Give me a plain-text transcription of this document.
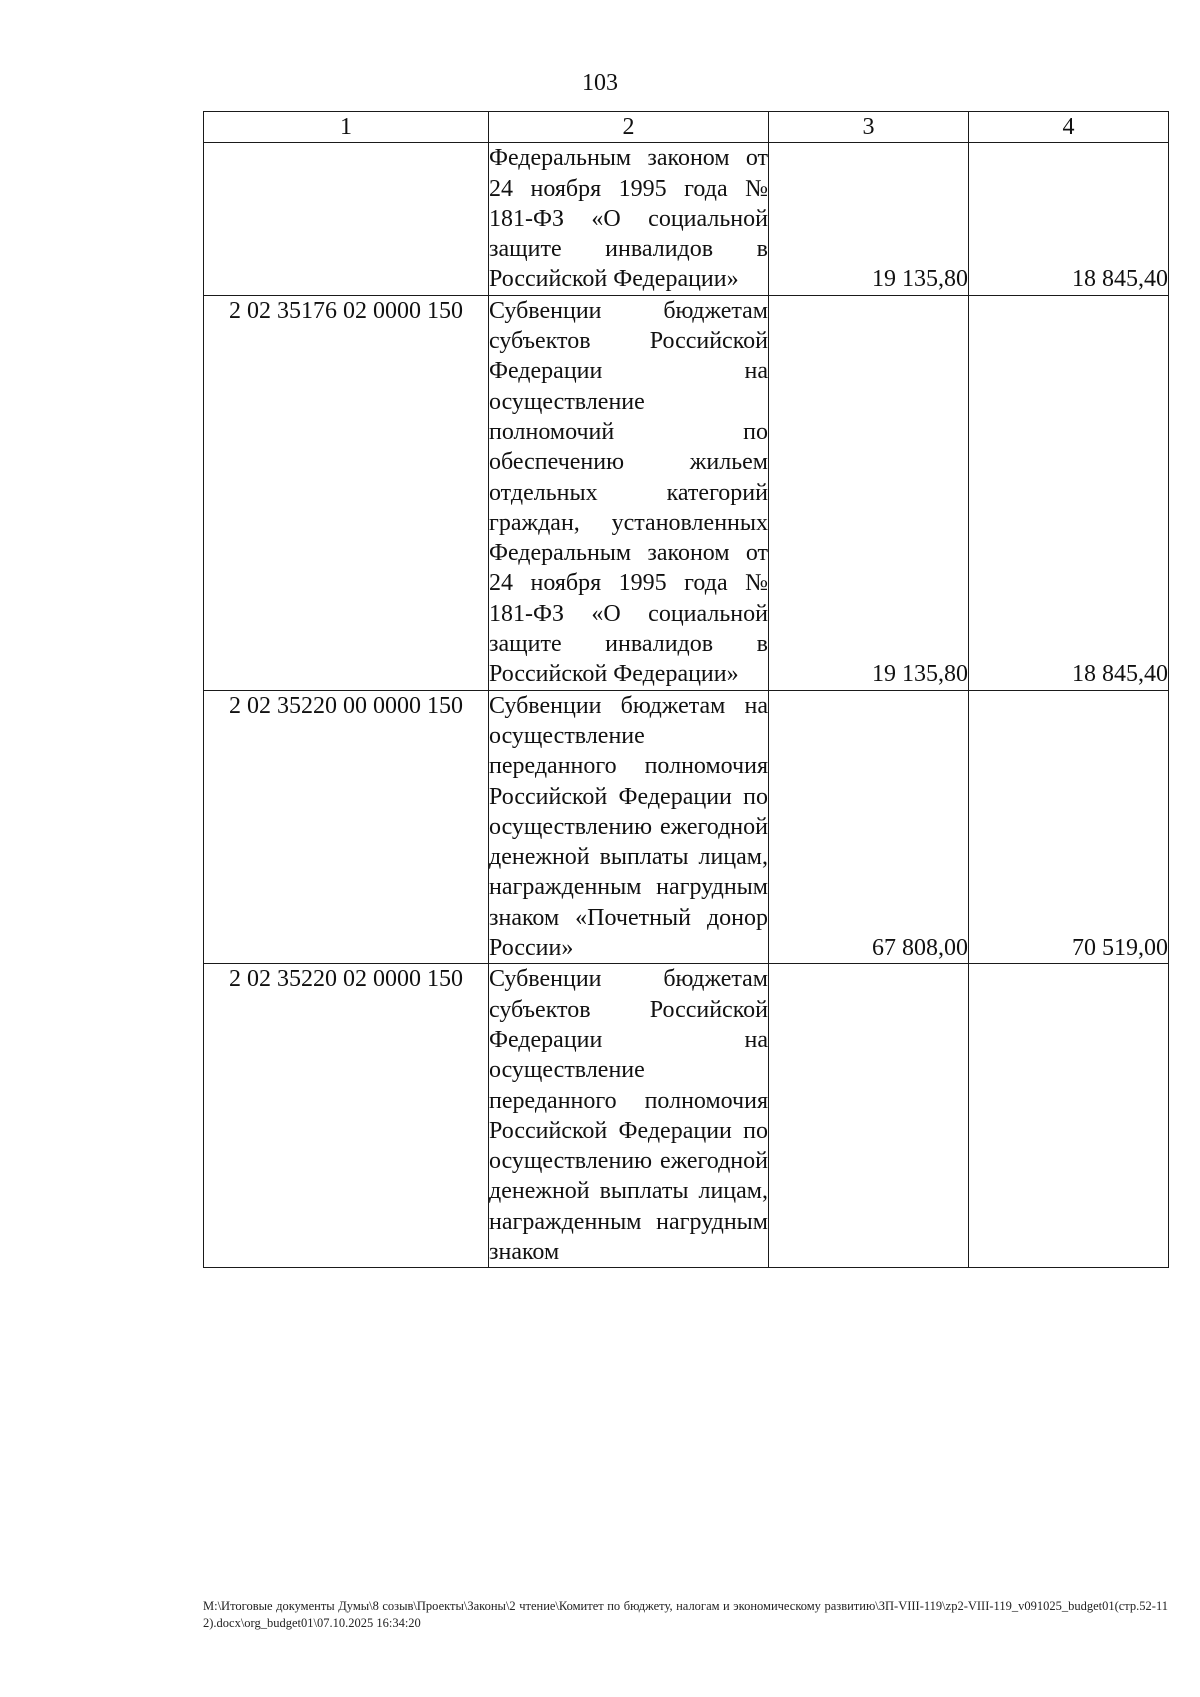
103
1	2	3	4
	Федеральным законом от 24 ноября 1995 года № 181-ФЗ «О социальной защите инвалидов в Российской Федерации»	19 135,80	18 845,40
2 02 35176 02 0000 150	Субвенции бюджетам субъектов Российской Федерации на осуществление полномочий по обеспечению жильем отдельных категорий граждан, установленных Федеральным законом от 24 ноября 1995 года № 181-ФЗ «О социальной защите инвалидов в Российской Федерации»	19 135,80	18 845,40
2 02 35220 00 0000 150	Субвенции бюджетам на осуществление переданного полномочия Российской Федерации по осуществлению ежегодной денежной выплаты лицам, награжденным нагрудным знаком «Почетный донор России»	67 808,00	70 519,00
2 02 35220 02 0000 150	Субвенции бюджетам субъектов Российской Федерации на осуществление переданного полномочия Российской Федерации по осуществлению ежегодной денежной выплаты лицам, награжденным нагрудным знаком		
M:\Итоговые документы Думы\8 созыв\Проекты\Законы\2 чтение\Комитет по бюджету, налогам и экономическому развитию\ЗП-VIII-119\zp2-VIII-119_v091025_budget01(стр.52-112).docx\org_budget01\07.10.2025 16:34:20
